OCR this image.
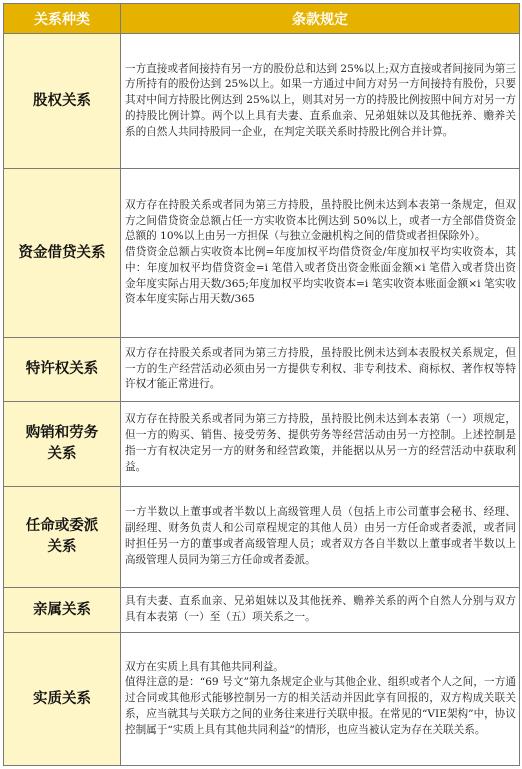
关系种类	条款规定
股权关系	一方直接或者间接持有另一方的股份总和达到 25%以上;双方直接或者间接同为第三方所持有的股份达到 25%以上。如果一方通过中间方对另一方间接持有股份，只要其对中间方持股比例达到 25%以上，则其对另一方的持股比例按照中间方对另一方的持股比例计算。两个以上具有夫妻、直系血亲、兄弟姐妹以及其他抚养、赡养关系的自然人共同持股同一企业，在判定关联关系时持股比例合并计算。

资金借贷关系	双方存在持股关系或者同为第三方持股，虽持股比例未达到本表第一条规定，但双方之间借贷资金总额占任一方实收资本比例达到 50%以上，或者一方全部借贷资金总额的 10%以上由另一方担保（与独立金融机构之间的借贷或者担保除外）。
借贷资金总额占实收资本比例=年度加权平均借贷资金/年度加权平均实收资本，其中：年度加权平均借贷资金=i 笔借入或者贷出资金账面金额×i 笔借入或者贷出资金年度实际占用天数/365;年度加权平均实收资本=i 笔实收资本账面金额×i 笔实收资本年度实际占用天数/365

特许权关系	双方存在持股关系或者同为第三方持股，虽持股比例未达到本表股权关系规定，但一方的生产经营活动必须由另一方提供专利权、非专利技术、商标权、著作权等特许权才能正常进行。

购销和劳务
关系	双方存在持股关系或者同为第三方持股，虽持股比例未达到本表第（一）项规定，但一方的购买、销售、接受劳务、提供劳务等经营活动由另一方控制。上述控制是指一方有权决定另一方的财务和经营政策，并能据以从另一方的经营活动中获取利益。

任命或委派
关系	一方半数以上董事或者半数以上高级管理人员（包括上市公司董事会秘书、经理、副经理、财务负责人和公司章程规定的其他人员）由另一方任命或者委派，或者同时担任另一方的董事或者高级管理人员；或者双方各自半数以上董事或者半数以上高级管理人员同为第三方任命或者委派。

亲属关系	具有夫妻、直系血亲、兄弟姐妹以及其他抚养、赡养关系的两个自然人分别与双方具有本表第（一）至（五）项关系之一。

实质关系	双方在实质上具有其他共同利益。
值得注意的是：“69 号文”第九条规定企业与其他企业、组织或者个人之间，一方通过合同或其他形式能够控制另一方的相关活动并因此享有回报的，双方构成关联关系，应当就其与关联方之间的业务往来进行关联申报。在常见的“VIE架构”中，协议控制属于“实质上具有其他共同利益”的情形，也应当被认定为存在关联关系。
